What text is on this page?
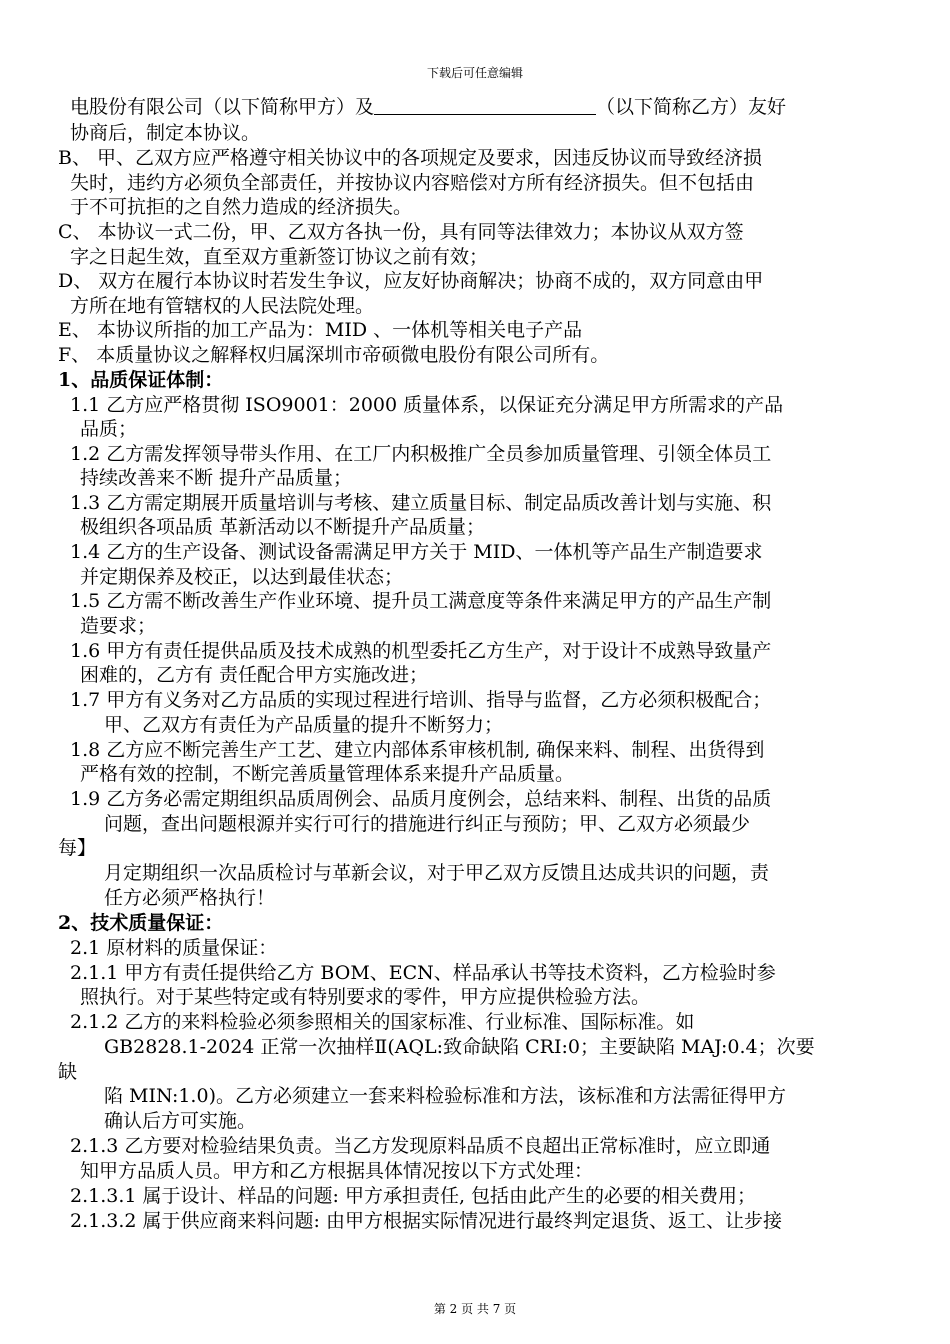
下载后可任意编辑
电股份有限公司（以下简称甲方）及	（以下简称乙方）友好
协商后，制定本协议。
B、 甲、乙双方应严格遵守相关协议中的各项规定及要求，因违反协议而导致经济损
失时，违约方必须负全部责任，并按协议内容赔偿对方所有经济损失。但不包括由
于不可抗拒的之自然力造成的经济损失。
C、 本协议一式二份，甲、乙双方各执一份，具有同等法律效力；本协议从双方签
字之日起生效，直至双方重新签订协议之前有效；
D、 双方在履行本协议时若发生争议，应友好协商解决；协商不成的，双方同意由甲
方所在地有管辖权的人民法院处理。
E、 本协议所指的加工产品为：MID 、一体机等相关电子产品
F、 本质量协议之解释权归属深圳市帝硕微电股份有限公司所有。
1、品质保证体制：
1.1 乙方应严格贯彻 ISO9001：2000 质量体系，以保证充分满足甲方所需求的产品
品质；
1.2 乙方需发挥领导带头作用、在工厂内积极推广全员参加质量管理、引领全体员工
持续改善来不断 提升产品质量；
1.3 乙方需定期展开质量培训与考核、建立质量目标、制定品质改善计划与实施、积
极组织各项品质 革新活动以不断提升产品质量；
1.4 乙方的生产设备、测试设备需满足甲方关于 MID、一体机等产品生产制造要求
并定期保养及校正，以达到最佳状态；
1.5 乙方需不断改善生产作业环境、提升员工满意度等条件来满足甲方的产品生产制
造要求；
1.6 甲方有责任提供品质及技术成熟的机型委托乙方生产，对于设计不成熟导致量产
困难的，乙方有 责任配合甲方实施改进；
1.7 甲方有义务对乙方品质的实现过程进行培训、指导与监督，乙方必须积极配合；
甲、乙双方有责任为产品质量的提升不断努力；
1.8 乙方应不断完善生产工艺、建立内部体系审核机制, 确保来料、制程、出货得到
严格有效的控制，不断完善质量管理体系来提升产品质量。
1.9 乙方务必需定期组织品质周例会、品质月度例会，总结来料、制程、出货的品质
问题，查出问题根源并实行可行的措施进行纠正与预防；甲、乙双方必须最少
每】
月定期组织一次品质检讨与革新会议，对于甲乙双方反馈且达成共识的问题，责
任方必须严格执行！
2、技术质量保证：
2.1 原材料的质量保证：
2.1.1 甲方有责任提供给乙方 BOM、ECN、样品承认书等技术资料，乙方检验时参
照执行。对于某些特定或有特别要求的零件，甲方应提供检验方法。
2.1.2 乙方的来料检验必须参照相关的国家标准、行业标准、国际标准。如
GB2828.1-2024 正常一次抽样Ⅱ(AQL:致命缺陷 CRI:0；主要缺陷 MAJ:0.4；次要
缺
陷 MIN:1.0)。乙方必须建立一套来料检验标准和方法，该标准和方法需征得甲方
确认后方可实施。
2.1.3 乙方要对检验结果负责。当乙方发现原料品质不良超出正常标准时，应立即通
知甲方品质人员。甲方和乙方根据具体情况按以下方式处理：
2.1.3.1 属于设计、样品的问题: 甲方承担责任, 包括由此产生的必要的相关费用；
2.1.3.2 属于供应商来料问题: 由甲方根据实际情况进行最终判定退货、返工、让步接
第 2 页 共 7 页
